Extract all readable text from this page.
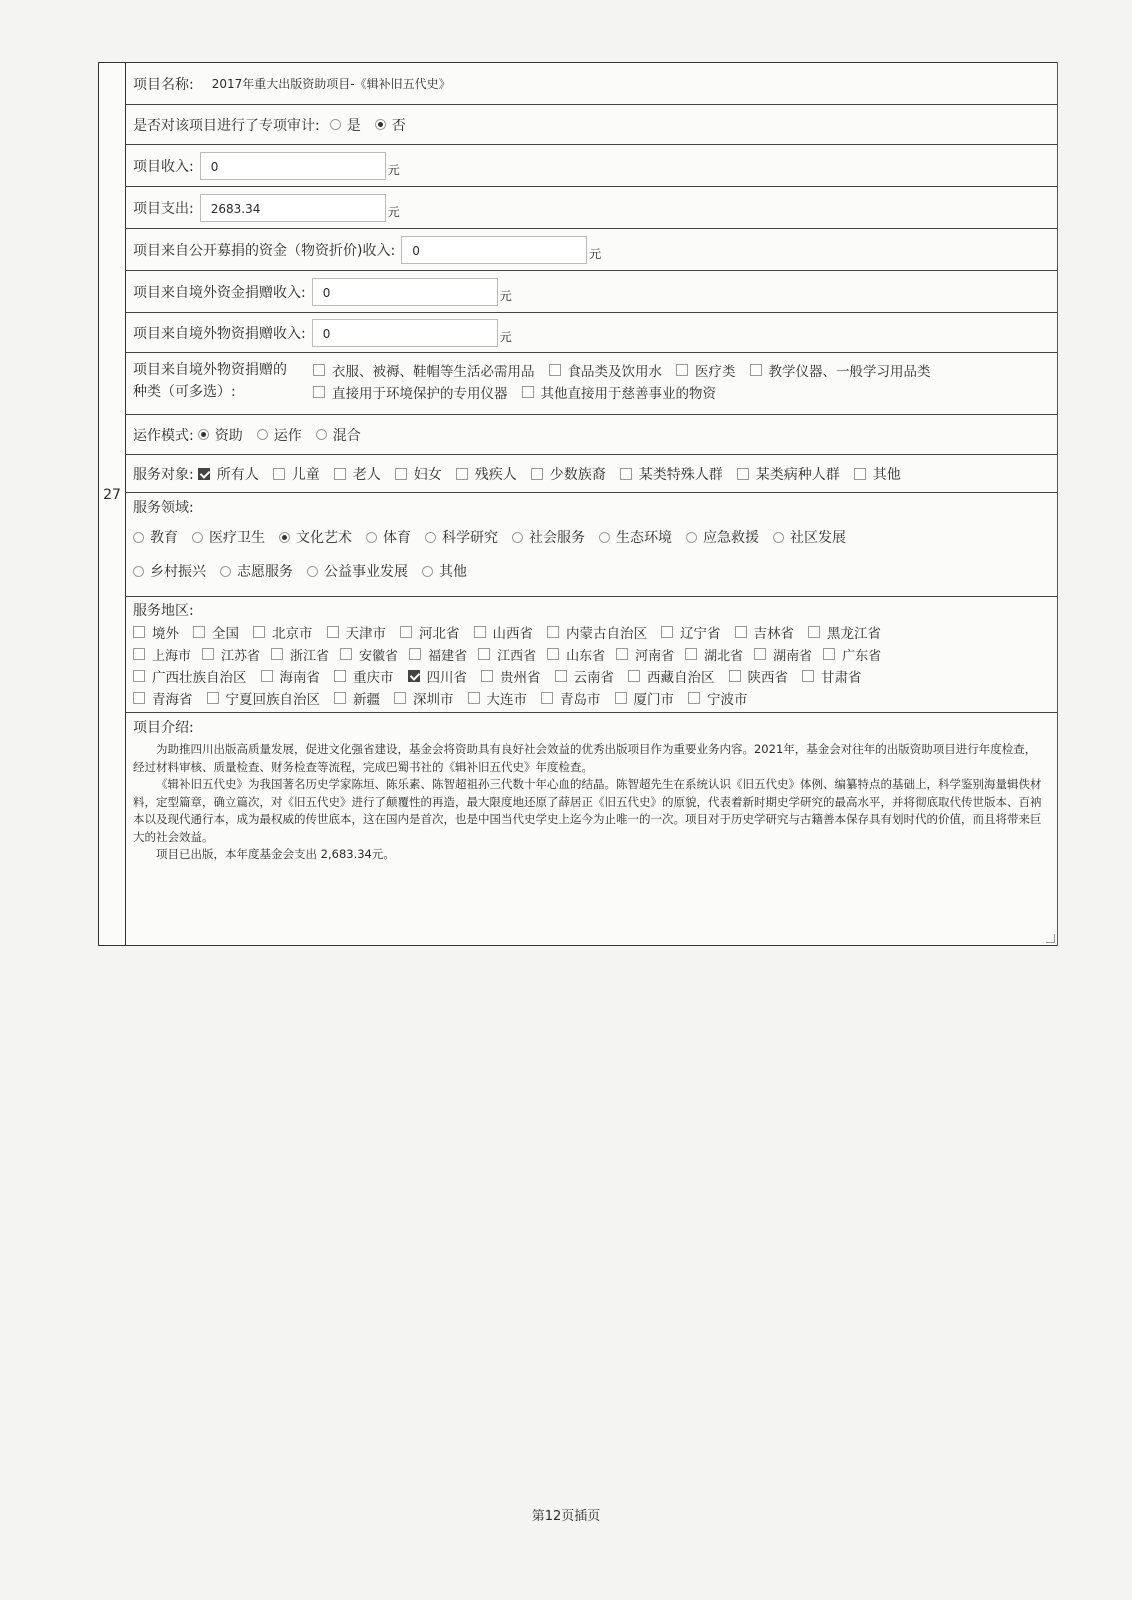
27
项目名称: 2017年重大出版资助项目-《辑补旧五代史》
是否对该项目进行了专项审计: 是 否
项目收入:	0	元
项目支出:	2683.34	元
项目来自公开募捐的资金（物资折价)收入:	0	元
项目来自境外资金捐赠收入:	0	元
项目来自境外物资捐赠收入:	0	元
项目来自境外物资捐赠的
种类（可多选）:
衣服、被褥、鞋帽等生活必需用品 食品类及饮用水 医疗类 教学仪器、一般学习用品类
直接用于环境保护的专用仪器 其他直接用于慈善事业的物资
运作模式: 资助 运作 混合
服务对象: 所有人 儿童 老人 妇女 残疾人 少数族裔 某类特殊人群 某类病种人群 其他
服务领域:
教育 医疗卫生 文化艺术 体育 科学研究 社会服务 生态环境 应急救援 社区发展
乡村振兴 志愿服务 公益事业发展 其他
服务地区:
境外 全国 北京市 天津市 河北省 山西省 内蒙古自治区 辽宁省 吉林省 黑龙江省
上海市 江苏省 浙江省 安徽省 福建省 江西省 山东省 河南省 湖北省 湖南省 广东省
广西壮族自治区 海南省 重庆市 四川省 贵州省 云南省 西藏自治区 陕西省 甘肃省
青海省 宁夏回族自治区 新疆 深圳市 大连市 青岛市 厦门市 宁波市
项目介绍:

为助推四川出版高质量发展，促进文化强省建设，基金会将资助具有良好社会效益的优秀出版项目作为重要业务内容。2021年，基金会对往年的出版资助项目进行年度检查，经过材料审核、质量检查、财务检查等流程，完成巴蜀书社的《辑补旧五代史》年度检查。

《辑补旧五代史》为我国著名历史学家陈垣、陈乐素、陈智超祖孙三代数十年心血的结晶。陈智超先生在系统认识《旧五代史》体例、编纂特点的基础上，科学鉴别海量辑佚材料，定型篇章，确立篇次，对《旧五代史》进行了颠覆性的再造，最大限度地还原了薛居正《旧五代史》的原貌，代表着新时期史学研究的最高水平，并将彻底取代传世版本、百衲本以及现代通行本，成为最权威的传世底本，这在国内是首次，也是中国当代史学史上迄今为止唯一的一次。项目对于历史学研究与古籍善本保存具有划时代的价值，而且将带来巨大的社会效益。

项目已出版，本年度基金会支出 2,683.34元。

第12页插页
